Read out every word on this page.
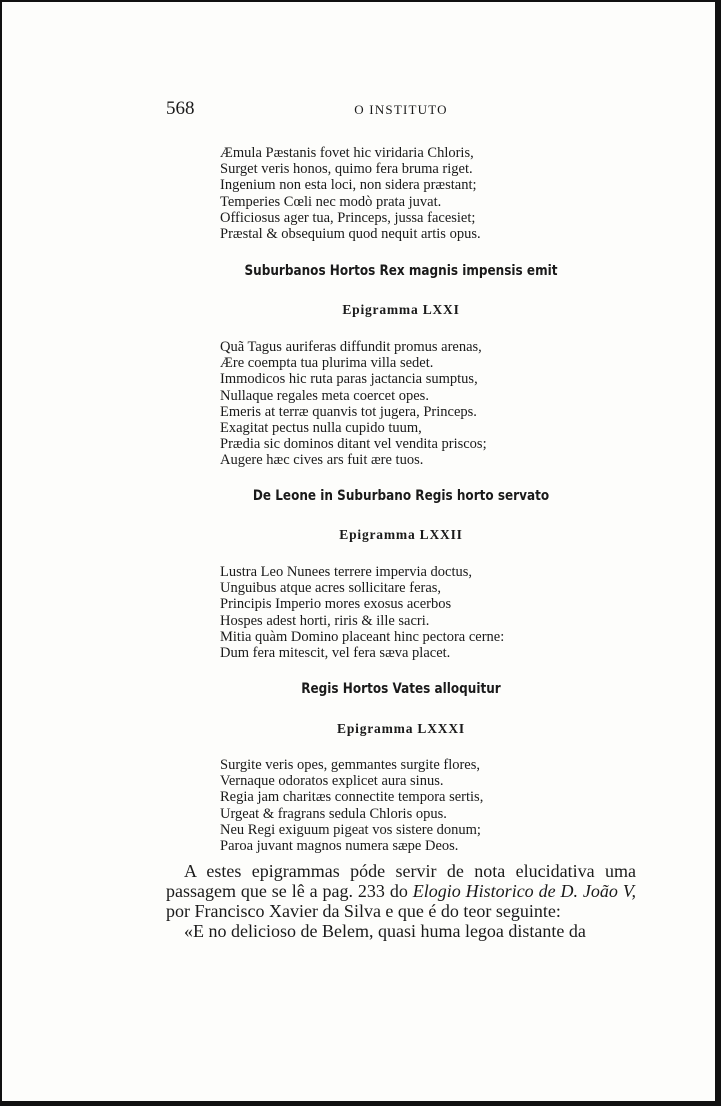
568	O INSTITUTO
Æmula Pæstanis fovet hic viridaria Chloris,
Surget veris honos, quimo fera bruma riget.
Ingenium non esta loci, non sidera præstant;
Temperies Cœli nec modò prata juvat.
Officiosus ager tua, Princeps, jussa facesiet;
Præstal & obsequium quod nequit artis opus.
Suburbanos Hortos Rex magnis impensis emit
Epigramma LXXI
Quã Tagus auriferas diffundit promus arenas,
Ære coempta tua plurima villa sedet.
Immodicos hic ruta paras jactancia sumptus,
Nullaque regales meta coercet opes.
Emeris at terræ quanvis tot jugera, Princeps.
Exagitat pectus nulla cupido tuum,
Prædia sic dominos ditant vel vendita priscos;
Augere hæc cives ars fuit ære tuos.
De Leone in Suburbano Regis horto servato
Epigramma LXXII
Lustra Leo Nunees terrere impervia doctus,
Unguibus atque acres sollicitare feras,
Principis Imperio mores exosus acerbos
Hospes adest horti, riris & ille sacri.
Mitia quàm Domino placeant hinc pectora cerne:
Dum fera mitescit, vel fera sæva placet.
Regis Hortos Vates alloquitur
Epigramma LXXXI
Surgite veris opes, gemmantes surgite flores,
Vernaque odoratos explicet aura sinus.
Regia jam charitæs connectite tempora sertis,
Urgeat & fragrans sedula Chloris opus.
Neu Regi exiguum pigeat vos sistere donum;
Paroa juvant magnos numera sæpe Deos.

A estes epigrammas póde servir de nota elucidativa uma passagem que se lê a pag. 233 do Elogio Historico de D. João V, por Francisco Xavier da Silva e que é do teor seguinte:

«E no delicioso de Belem, quasi huma legoa distante da
